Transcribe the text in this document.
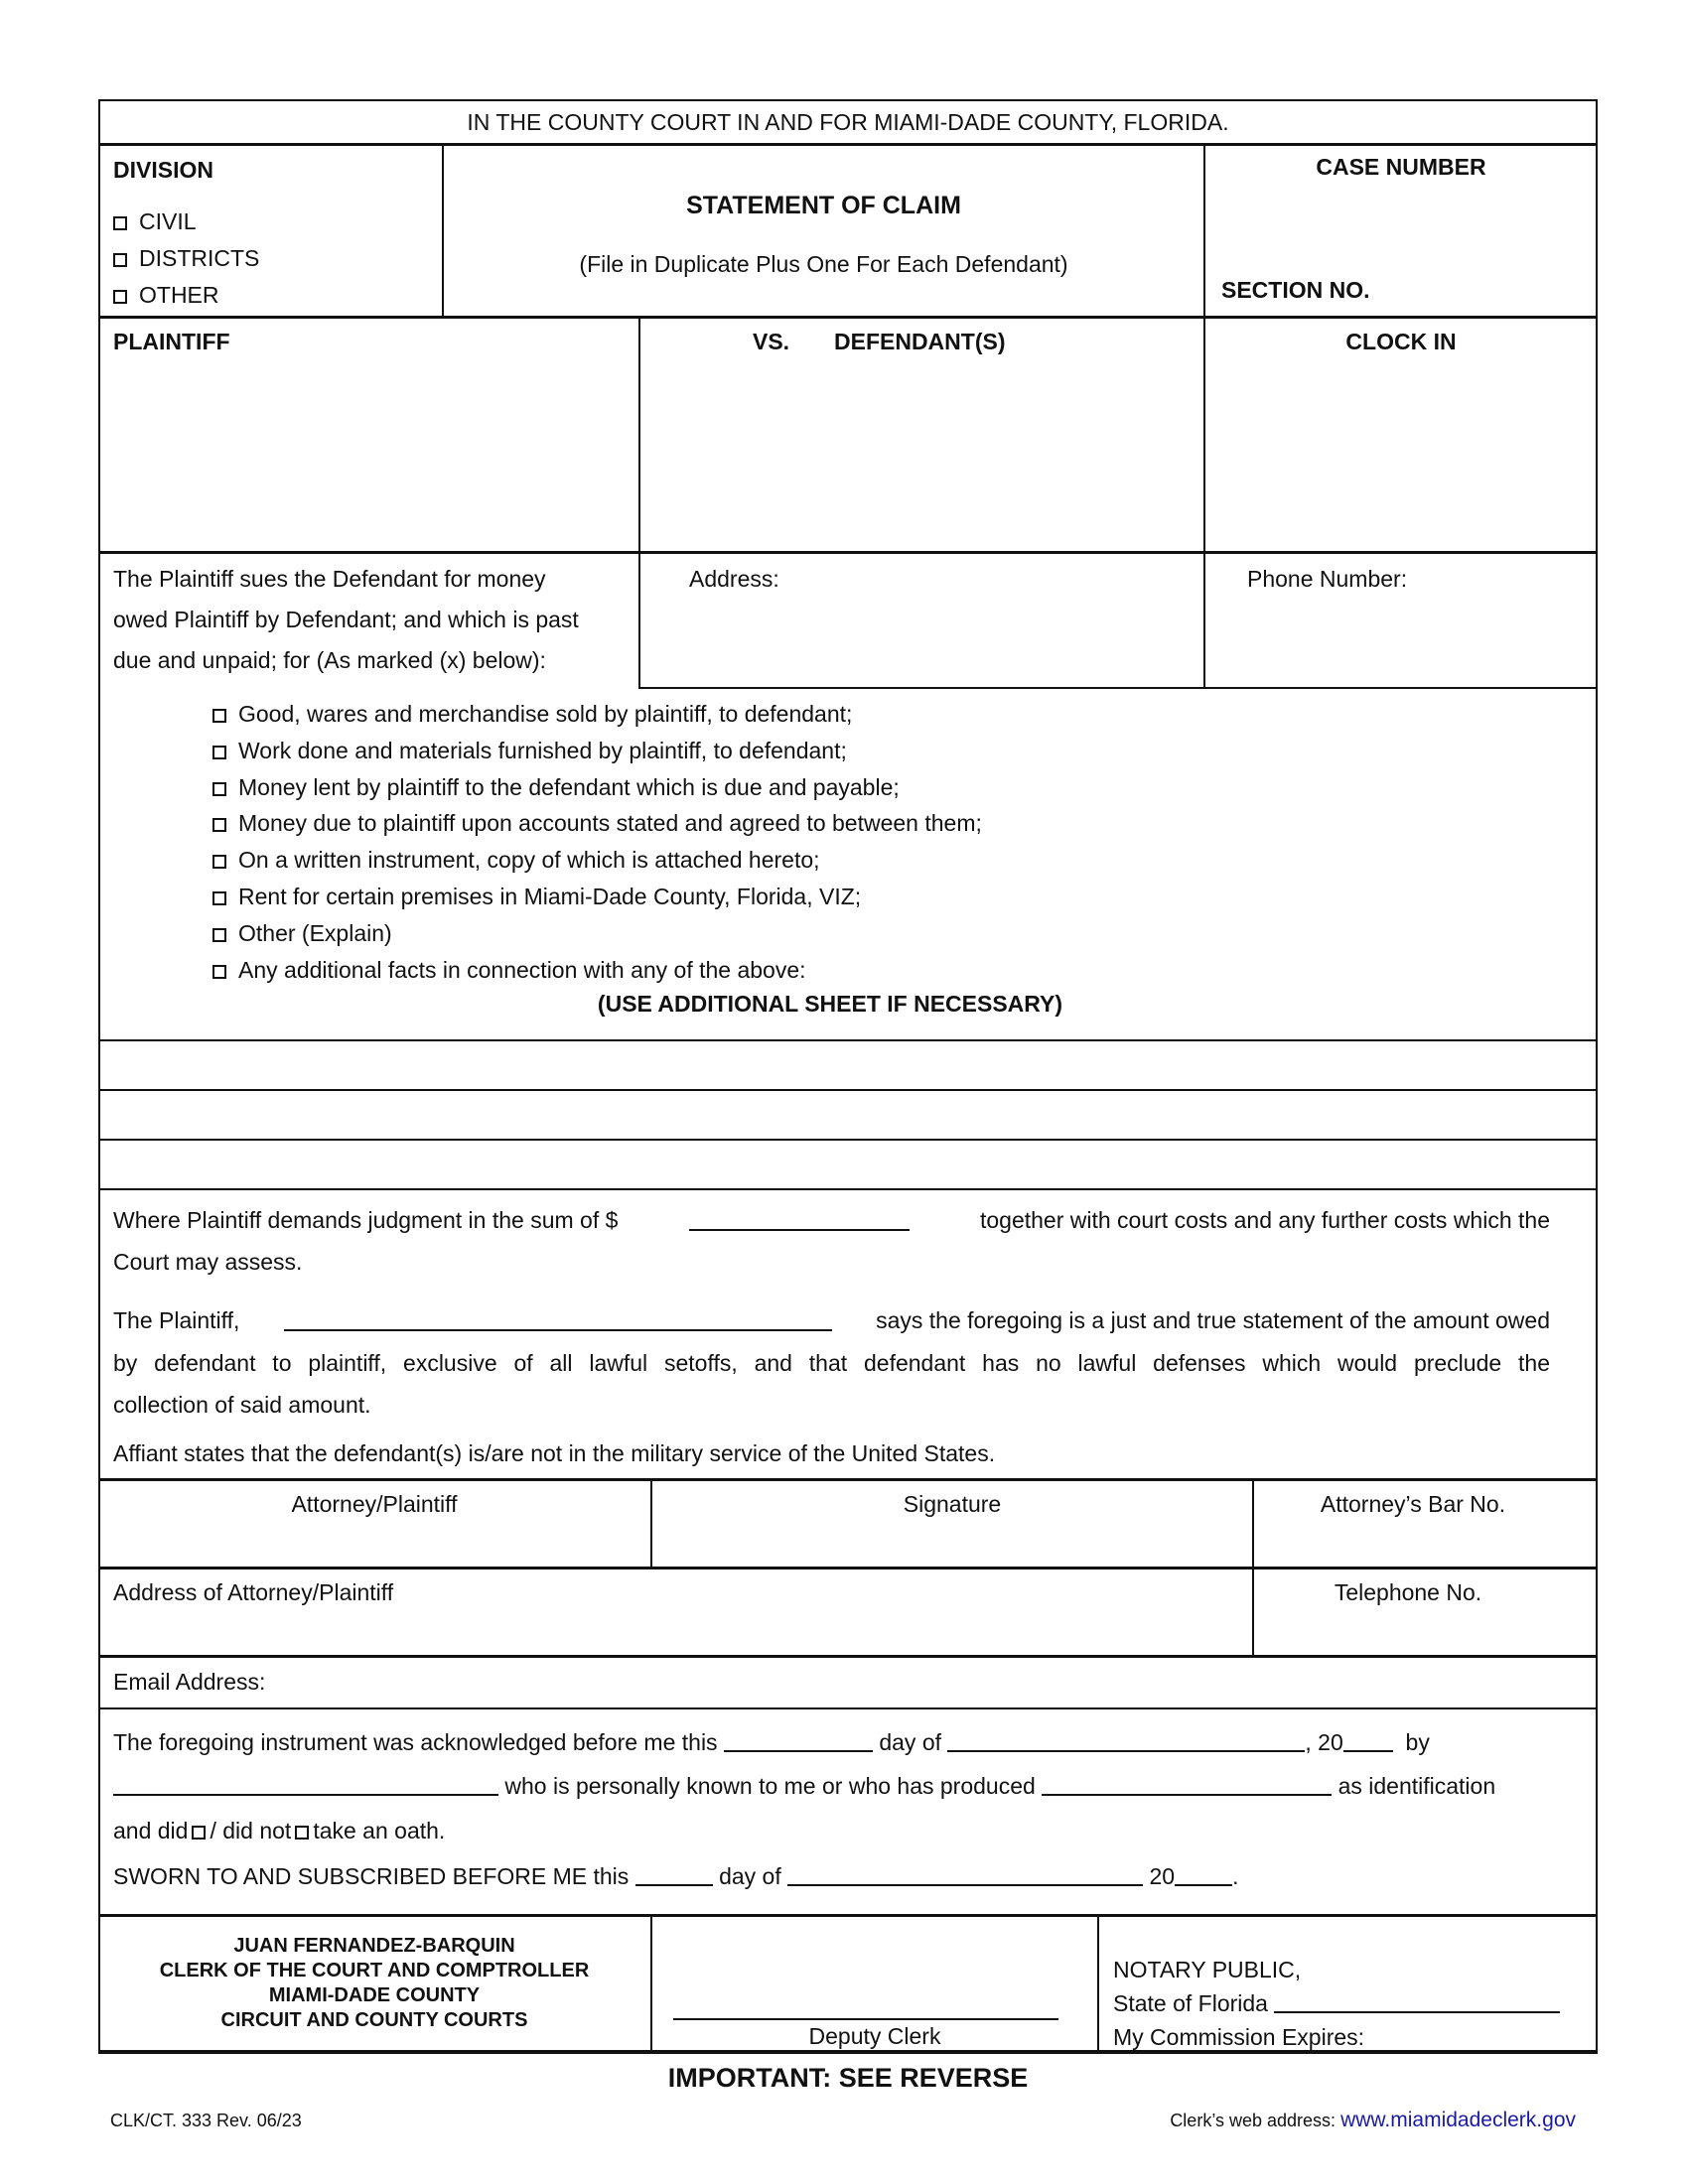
IN THE COUNTY COURT IN AND FOR MIAMI-DADE COUNTY, FLORIDA.
DIVISION
CIVIL
DISTRICTS
OTHER
STATEMENT OF CLAIM
(File in Duplicate Plus One For Each Defendant)
CASE NUMBER
SECTION NO.
PLAINTIFF	VS. DEFENDANT(S)	CLOCK IN
The Plaintiff sues the Defendant for money
owed Plaintiff by Defendant; and which is past
due and unpaid; for (As marked (x) below):
Address:	Phone Number:
Good, wares and merchandise sold by plaintiff, to defendant;
Work done and materials furnished by plaintiff, to defendant;
Money lent by plaintiff to the defendant which is due and payable;
Money due to plaintiff upon accounts stated and agreed to between them;
On a written instrument, copy of which is attached hereto;
Rent for certain premises in Miami-Dade County, Florida, VIZ;
Other (Explain)
Any additional facts in connection with any of the above:
(USE ADDITIONAL SHEET IF NECESSARY)
Where Plaintiff demands judgment in the sum of $	together with court costs and any further costs which the
Court may assess.
The Plaintiff,	says the foregoing is a just and true statement of the amount owed
by defendant to plaintiff, exclusive of all lawful setoffs, and that defendant has no lawful defenses which would preclude the
collection of said amount.
Affiant states that the defendant(s) is/are not in the military service of the United States.
Attorney/Plaintiff	Signature	Attorney’s Bar No.
Address of Attorney/Plaintiff	Telephone No.
Email Address:
The foregoing instrument was acknowledged before me this	day of	, 20	by
who is personally known to me or who has produced	as identification
and did / did not take an oath.
SWORN TO AND SUBSCRIBED BEFORE ME this	day of	20	.
JUAN FERNANDEZ-BARQUIN
CLERK OF THE COURT AND COMPTROLLER
MIAMI-DADE COUNTY
CIRCUIT AND COUNTY COURTS
Deputy Clerk
NOTARY PUBLIC,
State of Florida
My Commission Expires:
IMPORTANT: SEE REVERSE
CLK/CT. 333 Rev. 06/23	Clerk’s web address: www.miamidadeclerk.gov
